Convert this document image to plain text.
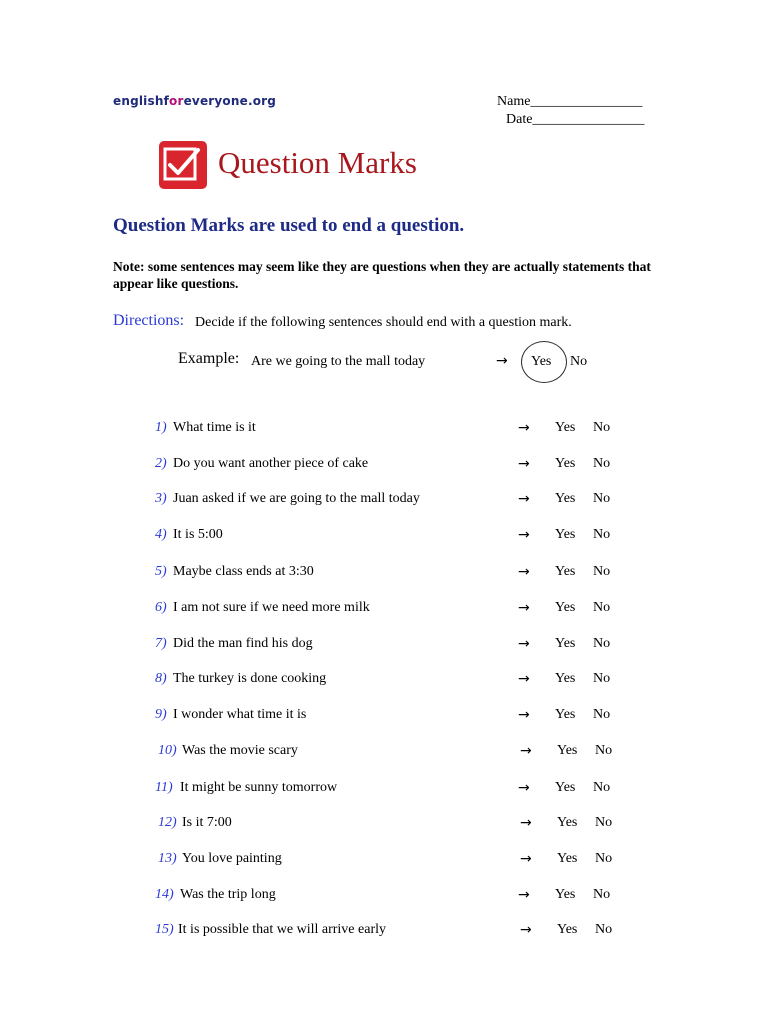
englishforeveryone.org	Name________________
Date________________
Question Marks
Question Marks are used to end a question.
Note: some sentences may seem like they are questions when they are actually statements that appear like questions.
Directions: Decide if the following sentences should end with a question mark.
Example: Are we going to the mall today	→ Yes No
1) What time is it	→ Yes No
2) Do you want another piece of cake	→ Yes No
3) Juan asked if we are going to the mall today	→ Yes No
4) It is 5:00	→ Yes No
5) Maybe class ends at 3:30	→ Yes No
6) I am not sure if we need more milk	→ Yes No
7) Did the man find his dog	→ Yes No
8) The turkey is done cooking	→ Yes No
9) I wonder what time it is	→ Yes No
10) Was the movie scary	→ Yes No
11) It might be sunny tomorrow	→ Yes No
12) Is it 7:00	→ Yes No
13) You love painting	→ Yes No
14) Was the trip long	→ Yes No
15) It is possible that we will arrive early	→ Yes No
